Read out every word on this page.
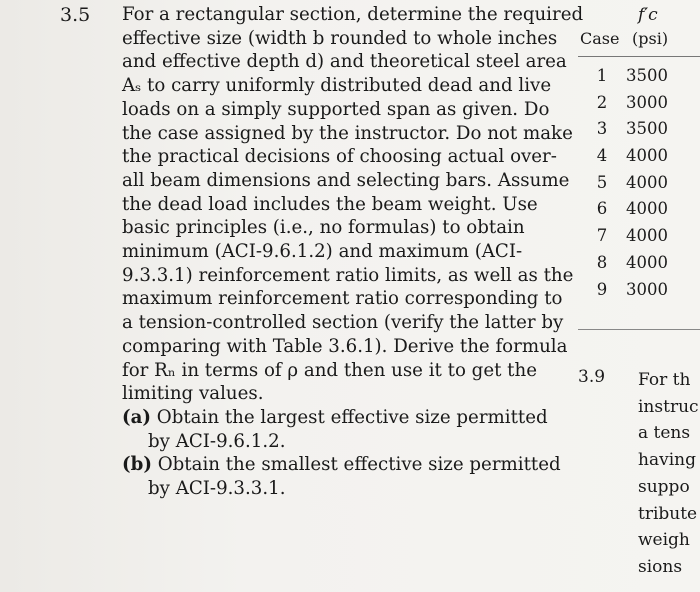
3.5 For a rectangular section, determine the required
effective size (width b rounded to whole inches
and effective depth d) and theoretical steel area
Aₛ to carry uniformly distributed dead and live
loads on a simply supported span as given. Do
the case assigned by the instructor. Do not make
the practical decisions of choosing actual over-
all beam dimensions and selecting bars. Assume
the dead load includes the beam weight. Use
basic principles (i.e., no formulas) to obtain
minimum (ACI-9.6.1.2) and maximum (ACI-
9.3.3.1) reinforcement ratio limits, as well as the
maximum reinforcement ratio corresponding to
a tension-controlled section (verify the latter by
comparing with Table 3.6.1). Derive the formula
for Rₙ in terms of ρ and then use it to get the
limiting values.
(a) Obtain the largest effective size permitted
by ACI-9.6.1.2.
(b) Obtain the smallest effective size permitted
by ACI-9.3.3.1.
f′c
Case (psi)
1 3500
2 3000
3 3500
4 4000
5 4000
6 4000
7 4000
8 4000
9 3000
3.9 For th
instruc
a tens
having
suppo
tribute
weigh
sions
